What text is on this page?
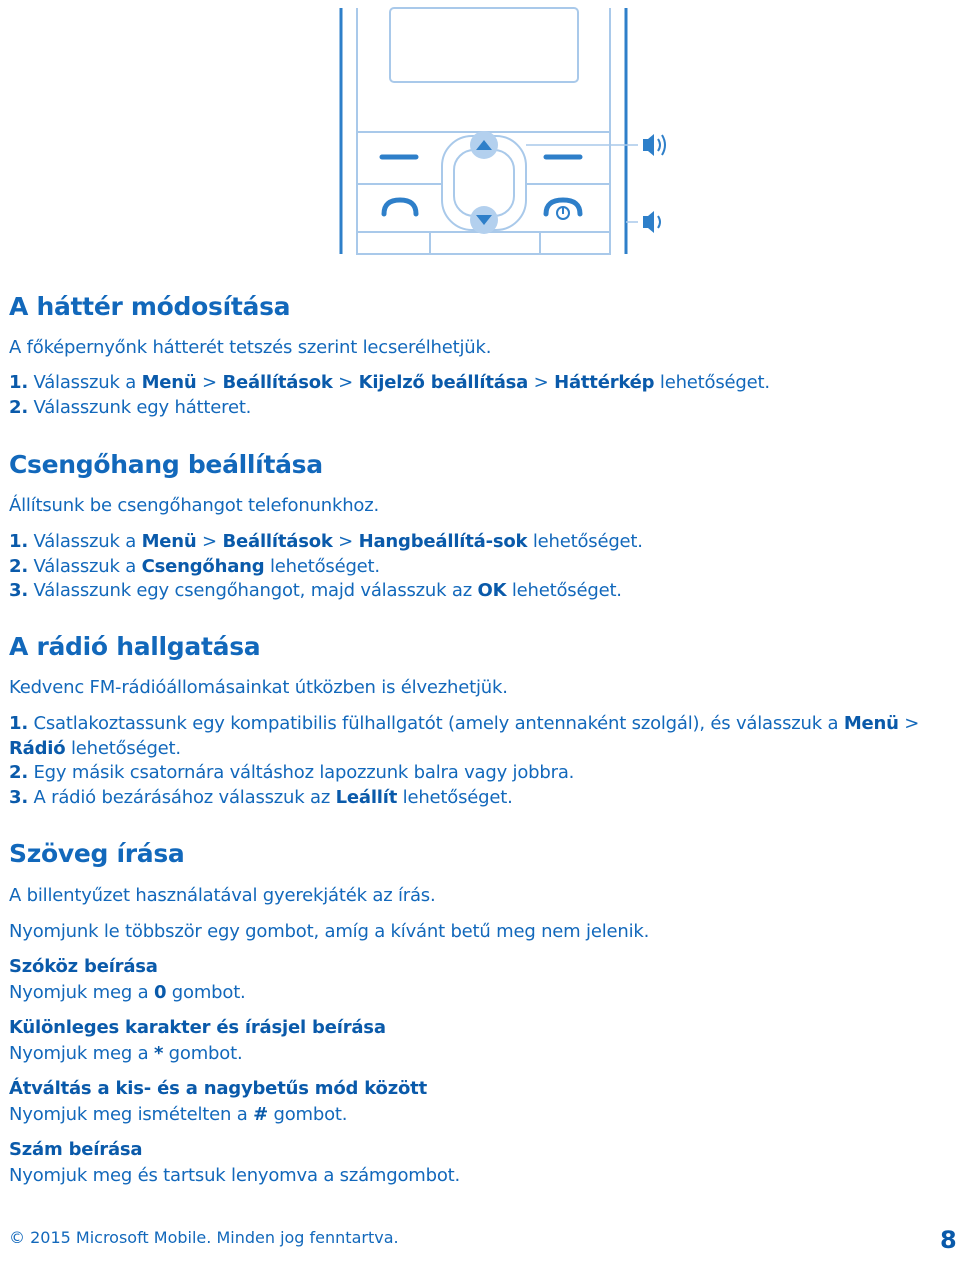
A háttér módosítása
A főképernyőnk hátterét tetszés szerint lecserélhetjük.
1. Válasszuk a Menü > Beállítások > Kijelző beállítása > Háttérkép lehetőséget.
2. Válasszunk egy hátteret.
Csengőhang beállítása
Állítsunk be csengőhangot telefonunkhoz.
1. Válasszuk a Menü > Beállítások > Hangbeállítá-sok lehetőséget.
2. Válasszuk a Csengőhang lehetőséget.
3. Válasszunk egy csengőhangot, majd válasszuk az OK lehetőséget.
A rádió hallgatása
Kedvenc FM-rádióállomásainkat útközben is élvezhetjük.
1. Csatlakoztassunk egy kompatibilis fülhallgatót (amely antennaként szolgál), és válasszuk a Menü >
Rádió lehetőséget.
2. Egy másik csatornára váltáshoz lapozzunk balra vagy jobbra.
3. A rádió bezárásához válasszuk az Leállít lehetőséget.
Szöveg írása
A billentyűzet használatával gyerekjáték az írás.
Nyomjunk le többször egy gombot, amíg a kívánt betű meg nem jelenik.
Szóköz beírása
Nyomjuk meg a 0 gombot.
Különleges karakter és írásjel beírása
Nyomjuk meg a * gombot.
Átváltás a kis- és a nagybetűs mód között
Nyomjuk meg ismételten a # gombot.
Szám beírása
Nyomjuk meg és tartsuk lenyomva a számgombot.
© 2015 Microsoft Mobile. Minden jog fenntartva.	8
